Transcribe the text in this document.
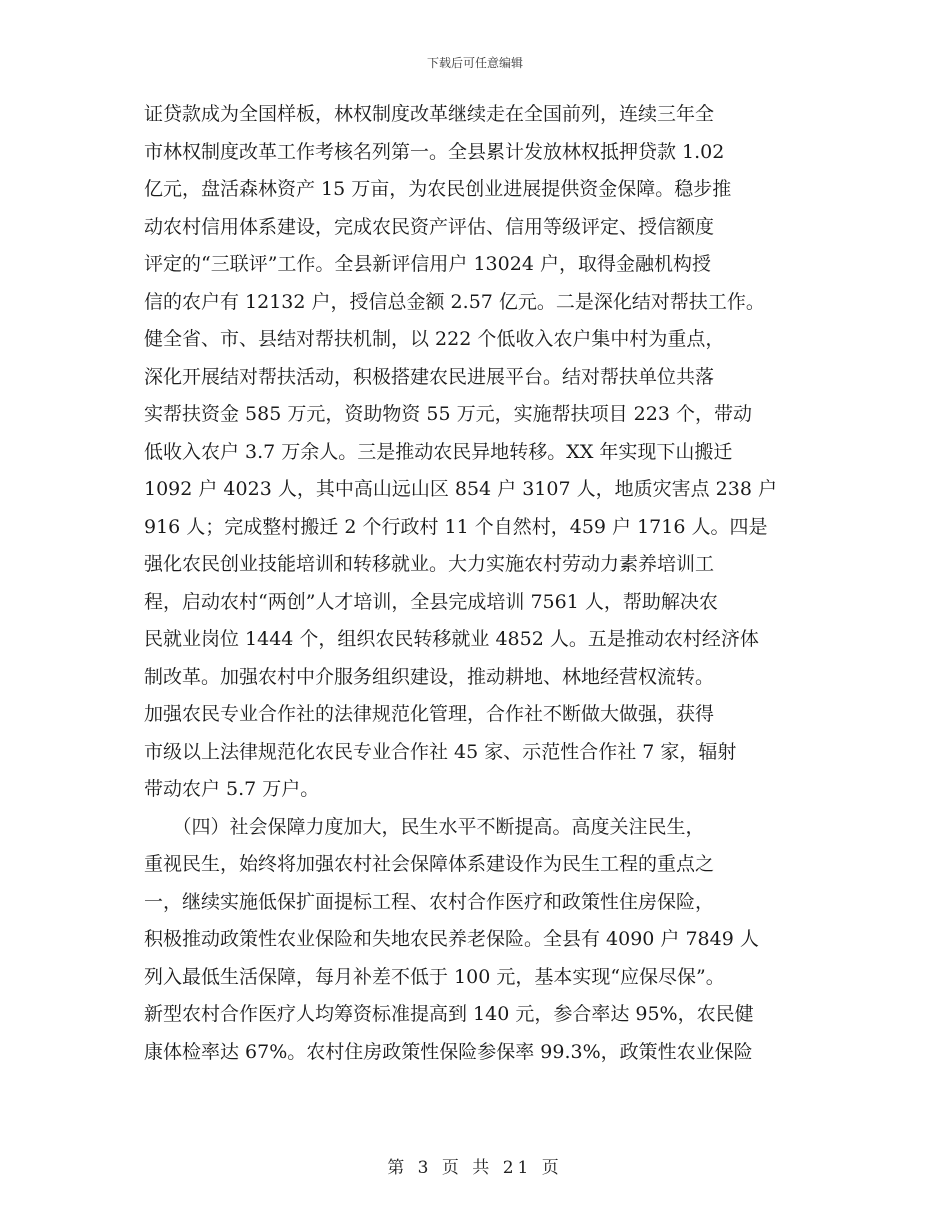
下载后可任意编辑
证贷款成为全国样板，林权制度改革继续走在全国前列，连续三年全
市林权制度改革工作考核名列第一。全县累计发放林权抵押贷款 1.02
亿元，盘活森林资产 15 万亩，为农民创业进展提供资金保障。稳步推
动农村信用体系建设，完成农民资产评估、信用等级评定、授信额度
评定的“三联评”工作。全县新评信用户 13024 户，取得金融机构授
信的农户有 12132 户，授信总金额 2.57 亿元。二是深化结对帮扶工作。
健全省、市、县结对帮扶机制，以 222 个低收入农户集中村为重点，
深化开展结对帮扶活动，积极搭建农民进展平台。结对帮扶单位共落
实帮扶资金 585 万元，资助物资 55 万元，实施帮扶项目 223 个，带动
低收入农户 3.7 万余人。三是推动农民异地转移。XX 年实现下山搬迁
1092 户 4023 人，其中高山远山区 854 户 3107 人，地质灾害点 238 户
916 人；完成整村搬迁 2 个行政村 11 个自然村，459 户 1716 人。四是
强化农民创业技能培训和转移就业。大力实施农村劳动力素养培训工
程，启动农村“两创”人才培训，全县完成培训 7561 人，帮助解决农
民就业岗位 1444 个，组织农民转移就业 4852 人。五是推动农村经济体
制改革。加强农村中介服务组织建设，推动耕地、林地经营权流转。
加强农民专业合作社的法律规范化管理，合作社不断做大做强，获得
市级以上法律规范化农民专业合作社 45 家、示范性合作社 7 家，辐射
带动农户 5.7 万户。
　　（四）社会保障力度加大，民生水平不断提高。高度关注民生，
重视民生，始终将加强农村社会保障体系建设作为民生工程的重点之
一，继续实施低保扩面提标工程、农村合作医疗和政策性住房保险，
积极推动政策性农业保险和失地农民养老保险。全县有 4090 户 7849 人
列入最低生活保障，每月补差不低于 100 元，基本实现“应保尽保”。
新型农村合作医疗人均筹资标准提高到 140 元，参合率达 95%，农民健
康体检率达 67%。农村住房政策性保险参保率 99.3%，政策性农业保险
第 3 页 共 21 页
